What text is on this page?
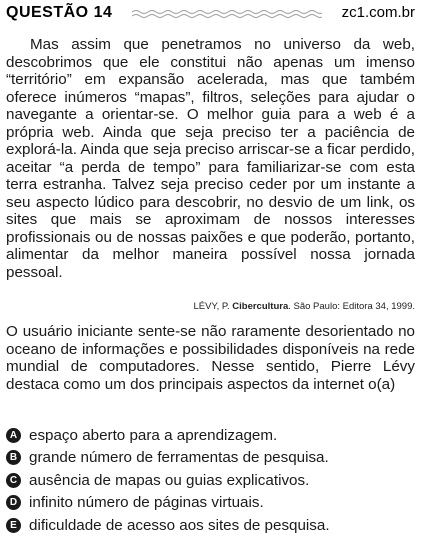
QUESTÃO 14	zc1.com.br

Mas assim que penetramos no universo da web, descobrimos que ele constitui não apenas um imenso “território” em expansão acelerada, mas que também oferece inúmeros “mapas”, filtros, seleções para ajudar o navegante a orientar-se. O melhor guia para a web é a própria web. Ainda que seja preciso ter a paciência de explorá-la. Ainda que seja preciso arriscar-se a ficar perdido, aceitar “a perda de tempo” para familiarizar-se com esta terra estranha. Talvez seja preciso ceder por um instante a seu aspecto lúdico para descobrir, no desvio de um link, os sites que mais se aproximam de nossos interesses profissionais ou de nossas paixões e que poderão, portanto, alimentar da melhor maneira possível nossa jornada pessoal.

LÉVY, P. Cibercultura. São Paulo: Editora 34, 1999.

O usuário iniciante sente-se não raramente desorientado no oceano de informações e possibilidades disponíveis na rede mundial de computadores. Nesse sentido, Pierre Lévy destaca como um dos principais aspectos da internet o(a)

A espaço aberto para a aprendizagem.
B grande número de ferramentas de pesquisa.
C ausência de mapas ou guias explicativos.
D infinito número de páginas virtuais.
E dificuldade de acesso aos sites de pesquisa.
